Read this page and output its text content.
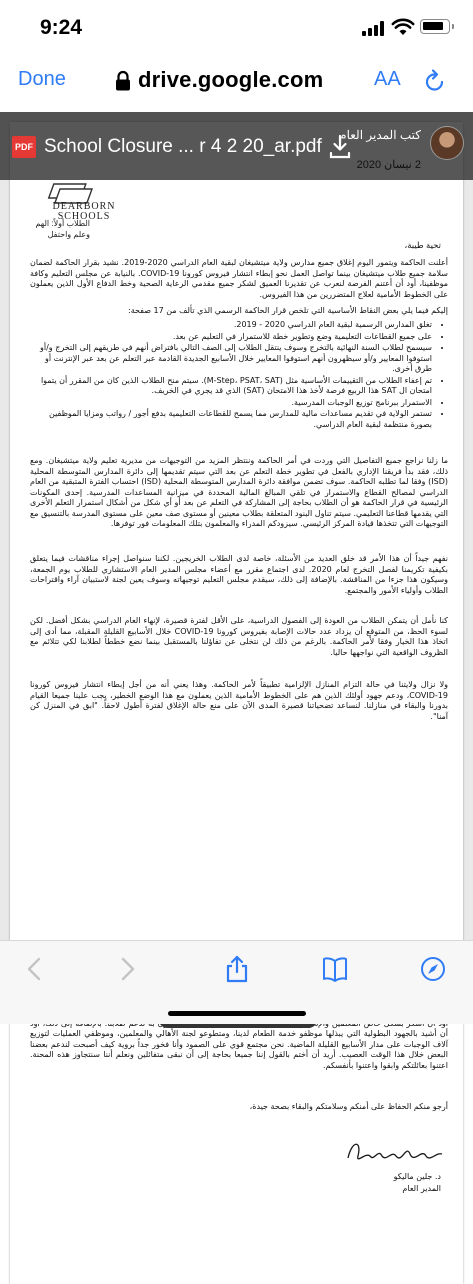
9:24
Done	drive.google.com	AA
DEARBORN SCHOOLS
الطلاب أولاً: الهم وعلم واحتفل
تحية طيبة،

أعلنت الحاكمة ويتمور اليوم إغلاق جميع مدارس ولاية ميتشيغان لبقية العام الدراسي 2020-2019. نشيد بقرار الحاكمة لضمان سلامة جميع طلاب ميتشيغان بينما تواصل العمل نحو إبطاء انتشار فيروس كورونا COVID-19. بالنيابة عن مجلس التعليم وكافة موظفينا، أود أن أعتنم الفرصة لنعرب عن تقديرنا العميق لشكر جميع مقدمي الرعاية الصحية وخط الدفاع الأول الذين يعملون على الخطوط الأمامية لعلاج المتضررين من هذا الفيروس.

إليكم فيما يلي بعض النقاط الأساسية التي تلخص قرار الحاكمة الرسمي الذي تألف من 17 صفحة:

• تغلق المدارس الرسمية لبقية العام الدراسي 2020 - 2019.
• على جميع القطاعات التعليمية وضع وتطوير خطة للاستمرار في التعليم عن بعد.
• سيسمح لطلاب السنة النهائية بالتخرج وسوف ينتقل الطلاب إلى الصف التالي بافتراض أنهم في طريقهم إلى التخرج و/أو استوفوا المعايير و/أو سيظهرون أنهم استوفوا المعايير خلال الأسابيع الجديدة القادمة عبر التعلم عن بعد عبر الإنترنت أو طرق أخرى.
• تم إعفاء الطلاب من التقييمات الأساسية مثل (M-Step، PSAT، SAT). سيتم منح الطلاب الذين كان من المقرر أن يتموا امتحان ال SAT هذا الربيع فرصة لأخذ هذا الامتحان (SAT) الذي قد يجري في الخريف.
• الاستمرار ببرنامج توزيع الوجبات المدرسية.
• تستمر الولاية في تقديم مساعدات مالية للمدارس مما يسمح للقطاعات التعليمية بدفع أجور / رواتب ومزايا الموظفين بصورة منتظمة لبقية العام الدراسي.

ما زلنا نراجع جميع التفاصيل التي وردت في أمر الحاكمة وننتظر المزيد من التوجيهات من مديرية تعليم ولاية ميتشيغان. ومع ذلك، فقد بدأ فريقنا الإداري بالفعل في تطوير خطة التعلم عن بعد التي سيتم تقديمها إلى دائرة المدارس المتوسطة المحلية (ISD) وفقا لما تطلبه الحاكمة. سوف تضمن موافقة دائرة المدارس المتوسطة المحلية (ISD) احتساب الفترة المتبقية من العام الدراسي لمصالح القطاع والاستمرار في تلقي المبالغ المالية المحددة في ميزانية المساعدات المدرسية. إحدى المكونات الرئيسية في قرار الحاكمة هو أن الطلاب بحاجة إلى المشاركة في التعلم عن بعد أو أي شكل من أشكال استمرار التعلم الأخرى التي يقدمها قطاعنا التعليمي. سيتم تناول البنود المتعلقة بطلاب معينين أو مستوى صف معين على مستوى المدرسة بالتنسيق مع التوجيهات التي تتخذها قيادة المركز الرئيسي. سيزودكم المدراء والمعلمون بتلك المعلومات فور توفرها.

نفهم جيداً أن هذا الأمر قد خلق العديد من الأسئلة، خاصة لدى الطلاب الخريجين. لكننا سنواصل إجراء مناقشات فيما يتعلق بكيفية تكريمنا لفصل التخرج لعام 2020. لدى اجتماع مقرر مع أعضاء مجلس المدير العام الاستشاري للطلاب يوم الجمعة، وسيكون هذا جزءا من المناقشة. بالإضافة إلى ذلك، سيقدم مجلس التعليم توجيهاته وسوف يعين لجنة لاستبيان آراء واقتراحات الطلاب وأولياء الأمور والمجتمع.

كنا نأمل أن يتمكن الطلاب من العودة إلى الفصول الدراسية، على الأقل لفترة قصيرة، لإنهاء العام الدراسي بشكل أفضل. لكن لسوء الحظ، من المتوقع أن يزداد عدد حالات الإصابة بفيروس كورونا COVID-19 خلال الأسابيع القليلة المقبلة، مما أدى إلى اتخاذ هذا الخيار وفقا لأمر الحاكمة. بالرغم من ذلك لن نتخلى عن تفاؤلنا بالمستقبل بينما نضع خططاً لطلابنا لكي تتلائم مع الظروف الواقعية التي نواجهها حاليا.

ولا نزال ولايتنا في حالة التزام المنازل الإلزامية تطبيقاً لأمر الحاكمة. وهذا يعني أنه من أجل إبطاء انتشار فيروس كورونا COVID-19، ودعم جهود أولئك الذين هم على الخطوط الأمامية الذين يعملون مع هذا الوضع الخطير، يجب علينا جميعا القيام بدورنا والبقاء في منازلنا. لنساعد تضحياتنا قصيرة المدى الآن على منع حالة الإغلاق لفترة أطول لاحقاً. "ابق في المنزل كن آمنا".

أن أشيد بالجهود البطولية التي يبذلها موظفو خدمة الطعام لدينا، ومتطوعو لجنة الأهالي والمعلمين، وموظفي العمليات لتوزيع آلاف الوجبات على مدار الأسابيع القليلة الماضية. نحن مجتمع قوي على الصمود وأنا فخور جداً بروية كيف أصبحت لندعم بعضنا البعض خلال هذا الوقت العصيب. أريد أن أختم بالقول إننا جميعا بحاجة إلى أن نبقى متفائلين ونعلم أننا سنتجاوز هذه المحنة. اعتنوا بعائلتكم وابقوا واعتنوا بأنفسكم.

أرجو منكم الحفاظ على أمنكم وسلامتكم والبقاء بصحة جيدة،

د. جلين ماليكو
المدير العام
PDF School Closure ... r 4 2 20_ar.pdf
كتب المدير العام
2 نيسان 2020
